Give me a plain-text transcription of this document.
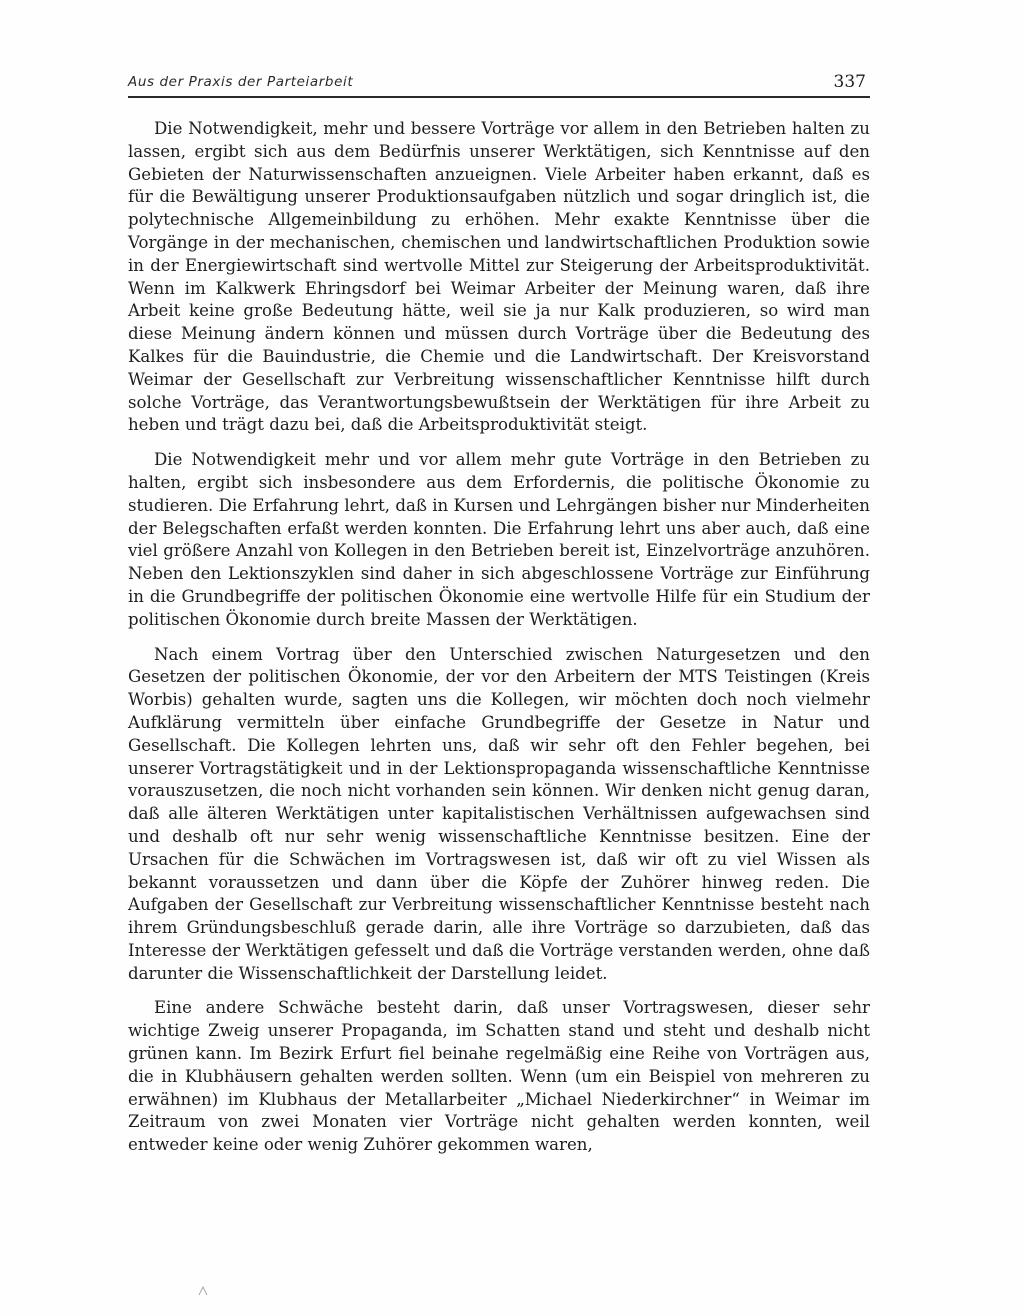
Aus der Praxis der Parteiarbeit	337

Die Notwendigkeit, mehr und bessere Vorträge vor allem in den Betrieben halten zu lassen, ergibt sich aus dem Bedürfnis unserer Werktätigen, sich Kenntnisse auf den Gebieten der Naturwissenschaften anzueignen. Viele Arbeiter haben erkannt, daß es für die Bewältigung unserer Produktionsaufgaben nützlich und sogar dringlich ist, die polytechnische Allgemeinbildung zu erhöhen. Mehr exakte Kenntnisse über die Vorgänge in der mechanischen, chemischen und landwirtschaftlichen Produktion sowie in der Energiewirtschaft sind wertvolle Mittel zur Steigerung der Arbeitsproduktivität. Wenn im Kalkwerk Ehringsdorf bei Weimar Arbeiter der Meinung waren, daß ihre Arbeit keine große Bedeutung hätte, weil sie ja nur Kalk produzieren, so wird man diese Meinung ändern können und müssen durch Vorträge über die Bedeutung des Kalkes für die Bauindustrie, die Chemie und die Landwirtschaft. Der Kreisvorstand Weimar der Gesellschaft zur Verbreitung wissenschaftlicher Kenntnisse hilft durch solche Vorträge, das Verantwortungsbewußtsein der Werktätigen für ihre Arbeit zu heben und trägt dazu bei, daß die Arbeitsproduktivität steigt.

Die Notwendigkeit mehr und vor allem mehr gute Vorträge in den Betrieben zu halten, ergibt sich insbesondere aus dem Erfordernis, die politische Ökonomie zu studieren. Die Erfahrung lehrt, daß in Kursen und Lehrgängen bisher nur Minderheiten der Belegschaften erfaßt werden konnten. Die Erfahrung lehrt uns aber auch, daß eine viel größere Anzahl von Kollegen in den Betrieben bereit ist, Einzelvorträge anzuhören. Neben den Lektionszyklen sind daher in sich abgeschlossene Vorträge zur Einführung in die Grundbegriffe der politischen Ökonomie eine wertvolle Hilfe für ein Studium der politischen Ökonomie durch breite Massen der Werktätigen.

Nach einem Vortrag über den Unterschied zwischen Naturgesetzen und den Gesetzen der politischen Ökonomie, der vor den Arbeitern der MTS Teistingen (Kreis Worbis) gehalten wurde, sagten uns die Kollegen, wir möchten doch noch vielmehr Aufklärung vermitteln über einfache Grundbegriffe der Gesetze in Natur und Gesellschaft. Die Kollegen lehrten uns, daß wir sehr oft den Fehler begehen, bei unserer Vortragstätigkeit und in der Lektionspropaganda wissenschaftliche Kenntnisse vorauszusetzen, die noch nicht vorhanden sein können. Wir denken nicht genug daran, daß alle älteren Werktätigen unter kapitalistischen Verhältnissen aufgewachsen sind und deshalb oft nur sehr wenig wissenschaftliche Kenntnisse besitzen. Eine der Ursachen für die Schwächen im Vortragswesen ist, daß wir oft zu viel Wissen als bekannt voraussetzen und dann über die Köpfe der Zuhörer hinweg reden. Die Aufgaben der Gesellschaft zur Verbreitung wissenschaftlicher Kenntnisse besteht nach ihrem Gründungsbeschluß gerade darin, alle ihre Vorträge so darzubieten, daß das Interesse der Werktätigen gefesselt und daß die Vorträge verstanden werden, ohne daß darunter die Wissenschaftlichkeit der Darstellung leidet.

Eine andere Schwäche besteht darin, daß unser Vortragswesen, dieser sehr wichtige Zweig unserer Propaganda, im Schatten stand und steht und deshalb nicht grünen kann. Im Bezirk Erfurt fiel beinahe regelmäßig eine Reihe von Vorträgen aus, die in Klubhäusern gehalten werden sollten. Wenn (um ein Beispiel von mehreren zu erwähnen) im Klubhaus der Metallarbeiter „Michael Niederkirchner“ in Weimar im Zeitraum von zwei Monaten vier Vorträge nicht gehalten werden konnten, weil entweder keine oder wenig Zuhörer gekommen waren,
